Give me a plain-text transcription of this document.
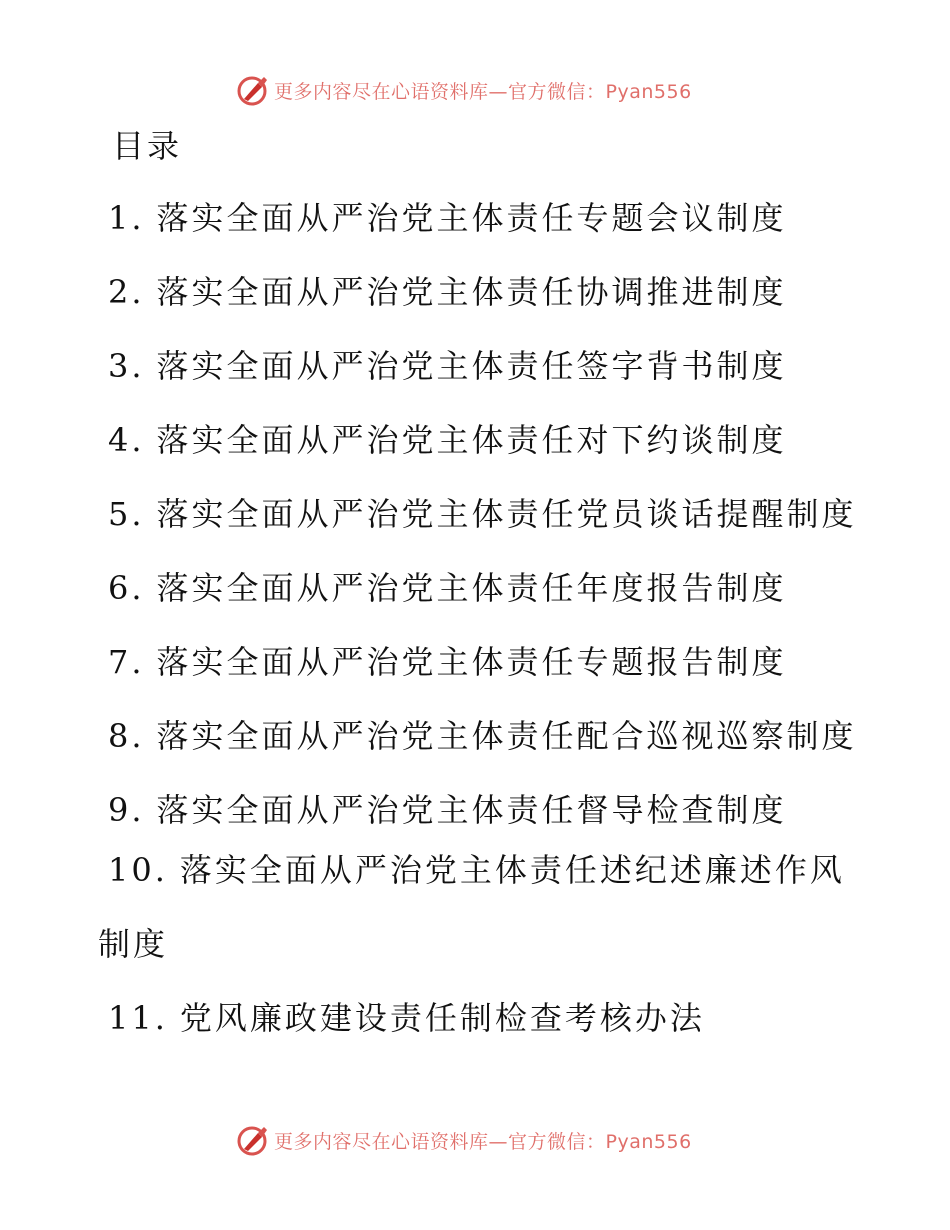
更多内容尽在心语资料库—官方微信：Pyan556
目录
1. 落实全面从严治党主体责任专题会议制度
2. 落实全面从严治党主体责任协调推进制度
3. 落实全面从严治党主体责任签字背书制度
4. 落实全面从严治党主体责任对下约谈制度
5. 落实全面从严治党主体责任党员谈话提醒制度
6. 落实全面从严治党主体责任年度报告制度
7. 落实全面从严治党主体责任专题报告制度
8. 落实全面从严治党主体责任配合巡视巡察制度
9. 落实全面从严治党主体责任督导检查制度
10. 落实全面从严治党主体责任述纪述廉述作风
制度
11. 党风廉政建设责任制检查考核办法
更多内容尽在心语资料库—官方微信：Pyan556
